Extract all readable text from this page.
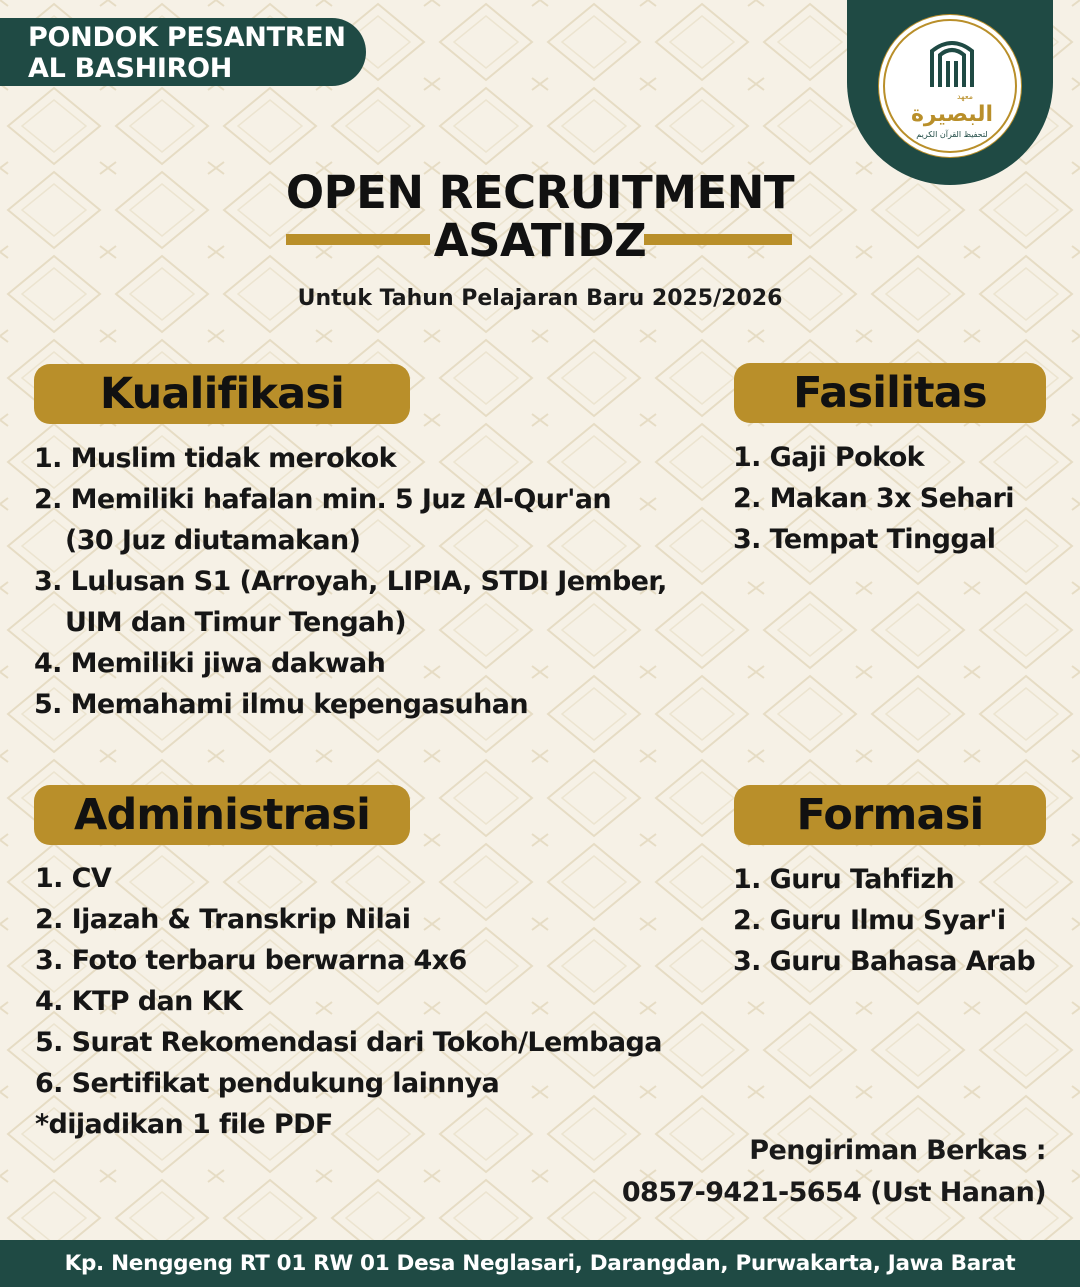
PONDOK PESANTREN
AL BASHIROH
معهد
البصيرة
لتحفيظ القرآن الكريم
OPEN RECRUITMENT
ASATIDZ
Untuk Tahun Pelajaran Baru 2025/2026
Kualifikasi
1. Muslim tidak merokok
2. Memiliki hafalan min. 5 Juz Al-Qur'an
(30 Juz diutamakan)
3. Lulusan S1 (Arroyah, LIPIA, STDI Jember,
UIM dan Timur Tengah)
4. Memiliki jiwa dakwah
5. Memahami ilmu kepengasuhan
Fasilitas
1. Gaji Pokok
2. Makan 3x Sehari
3. Tempat Tinggal
Administrasi
1. CV
2. Ijazah & Transkrip Nilai
3. Foto terbaru berwarna 4x6
4. KTP dan KK
5. Surat Rekomendasi dari Tokoh/Lembaga
6. Sertifikat pendukung lainnya
*dijadikan 1 file PDF
Formasi
1. Guru Tahfizh
2. Guru Ilmu Syar'i
3. Guru Bahasa Arab
Pengiriman Berkas :
0857-9421-5654 (Ust Hanan)
Kp. Nenggeng RT 01 RW 01 Desa Neglasari, Darangdan, Purwakarta, Jawa Barat
